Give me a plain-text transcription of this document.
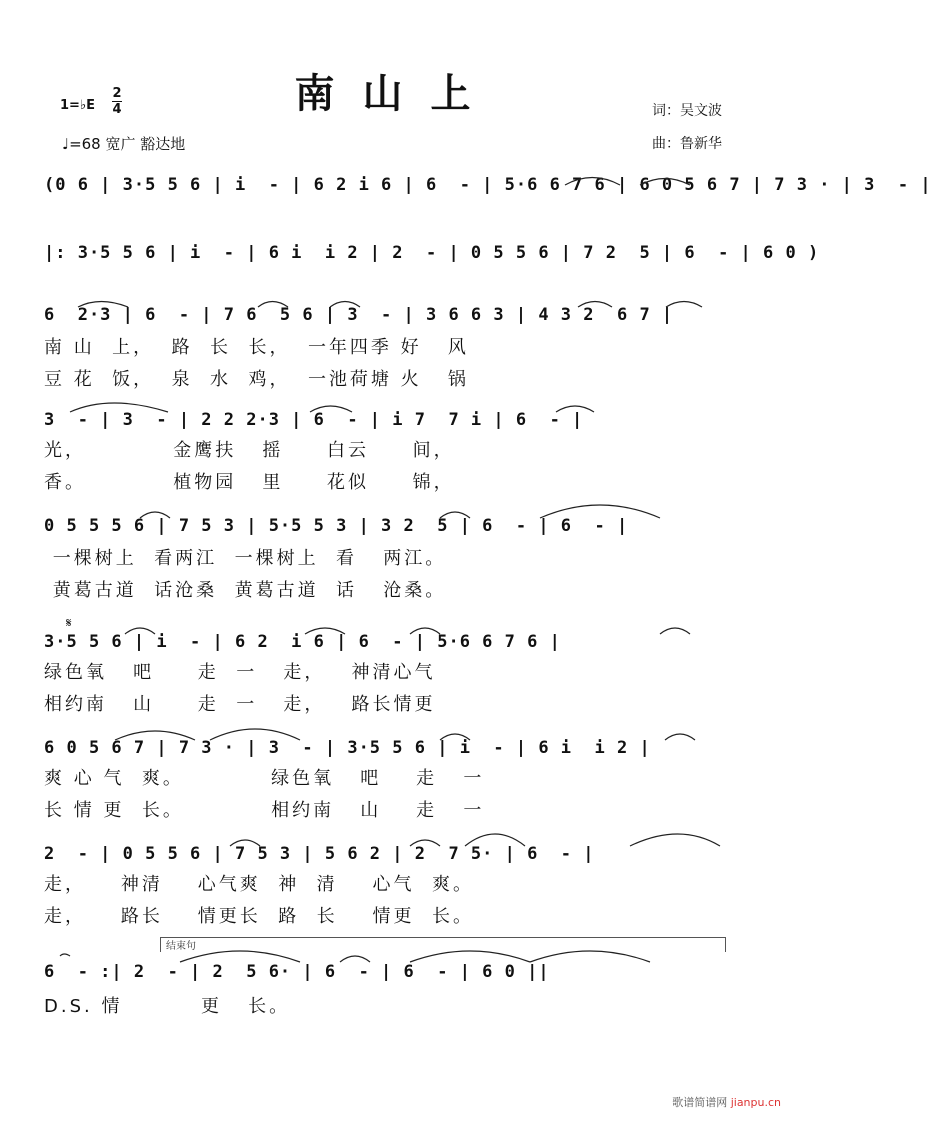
南山上
1=♭E
2
4
♩=68 宽广 豁达地
词：吴文波
曲：鲁新华
(0 6 | 3·5 5 6 | i  - | 6 2 i 6 | 6  - | 5·6 6 7 6 | 6 0 5 6 7 | 7 3 · | 3  - |
|: 3·5 5 6 | i  - | 6 i  i 2 | 2  - | 0 5 5 6 | 7 2  5 | 6  - | 6 0 )
6  2·3 | 6  - | 7 6  5 6 | 3  - | 3 6 6 3 | 4 3 2  6 7 |
南 山  上，  路  长  长，  一年四季 好   风
豆 花  饭，  泉  水  鸡，  一池荷塘 火   锅
3  - | 3  - | 2 2 2·3 | 6  - | i 7  7 i | 6  - |
光，          金鹰扶   摇     白云     间，
香。          植物园   里     花似     锦，
0 5 5 5 6 | 7 5 3 | 5·5 5 3 | 3 2  5 | 6  - | 6  - |
一棵树上  看两江  一棵树上  看   两江。
黄葛古道  话沧桑  黄葛古道  话   沧桑。
𝄋
3·5 5 6 | i  - | 6 2  i 6 | 6  - | 5·6 6 7 6 |
绿色氧   吧     走  一   走，   神清心气
相约南   山     走  一   走，   路长情更
6 0 5 6 7 | 7 3 · | 3  - | 3·5 5 6 | i  - | 6 i  i 2 |
爽 心 气  爽。          绿色氧   吧    走   一
长 情 更  长。          相约南   山    走   一
2  - | 0 5 5 6 | 7 5 3 | 5 6 2 | 2  7 5· | 6  - |
走，    神清    心气爽  神  清    心气  爽。
走，    路长    情更长  路  长    情更  长。
结束句
6  - :| 2  - | 2  5 6· | 6  - | 6  - | 6 0 ||
D.S. 情         更   长。
歌谱简谱网 jianpu.cn
